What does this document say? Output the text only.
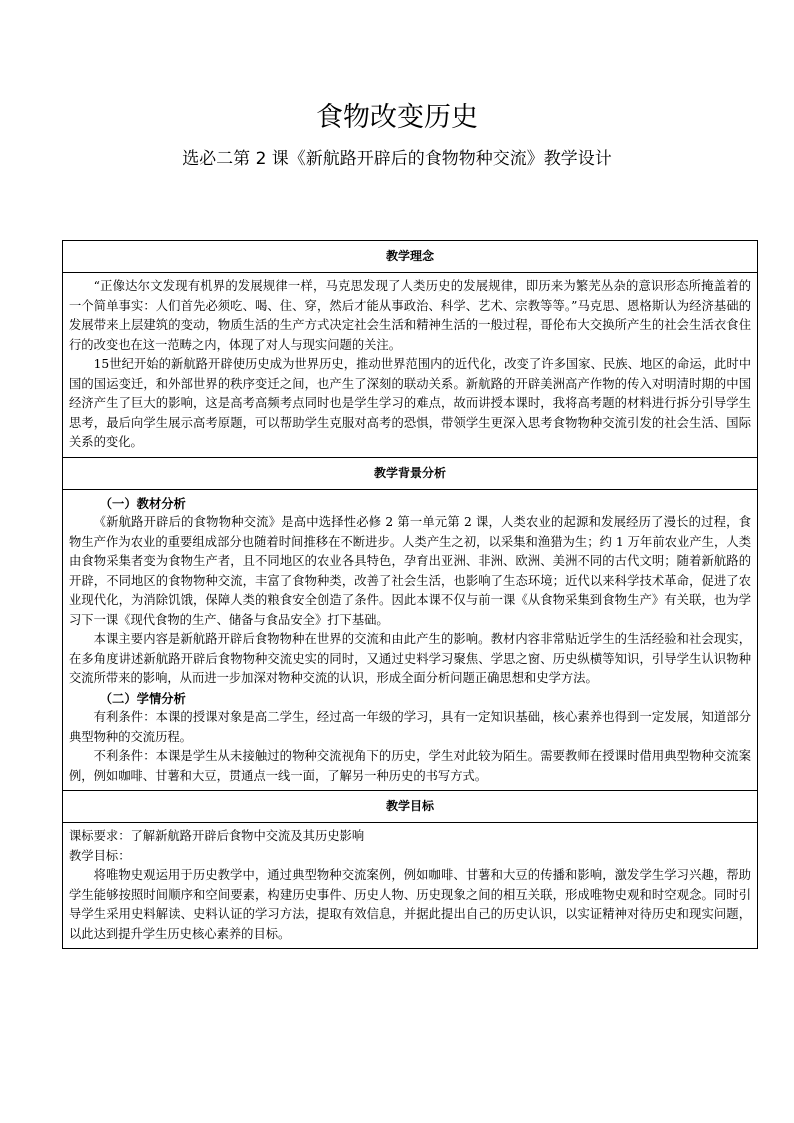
食物改变历史
选必二第 2 课《新航路开辟后的食物物种交流》教学设计
教学理念

“正像达尔文发现有机界的发展规律一样，马克思发现了人类历史的发展规律，即历来为繁芜丛杂的意识形态所掩盖着的一个简单事实：人们首先必须吃、喝、住、穿，然后才能从事政治、科学、艺术、宗教等等。”马克思、恩格斯认为经济基础的发展带来上层建筑的变动，物质生活的生产方式决定社会生活和精神生活的一般过程，哥伦布大交换所产生的社会生活衣食住行的改变也在这一范畴之内，体现了对人与现实问题的关注。

15世纪开始的新航路开辟使历史成为世界历史，推动世界范围内的近代化，改变了许多国家、民族、地区的命运，此时中国的国运变迁，和外部世界的秩序变迁之间，也产生了深刻的联动关系。新航路的开辟美洲高产作物的传入对明清时期的中国经济产生了巨大的影响，这是高考高频考点同时也是学生学习的难点，故而讲授本课时，我将高考题的材料进行拆分引导学生思考，最后向学生展示高考原题，可以帮助学生克服对高考的恐惧，带领学生更深入思考食物物种交流引发的社会生活、国际关系的变化。

教学背景分析

（一）教材分析

《新航路开辟后的食物物种交流》是高中选择性必修 2 第一单元第 2 课，人类农业的起源和发展经历了漫长的过程，食物生产作为农业的重要组成部分也随着时间推移在不断进步。人类产生之初，以采集和渔猎为生；约 1 万年前农业产生，人类由食物采集者变为食物生产者，且不同地区的农业各具特色，孕育出亚洲、非洲、欧洲、美洲不同的古代文明；随着新航路的开辟，不同地区的食物物种交流，丰富了食物种类，改善了社会生活，也影响了生态环境；近代以来科学技术革命，促进了农业现代化，为消除饥饿，保障人类的粮食安全创造了条件。因此本课不仅与前一课《从食物采集到食物生产》有关联，也为学习下一课《现代食物的生产、储备与食品安全》打下基础。

本课主要内容是新航路开辟后食物物种在世界的交流和由此产生的影响。教材内容非常贴近学生的生活经验和社会现实，在多角度讲述新航路开辟后食物物种交流史实的同时，又通过史料学习聚焦、学思之窗、历史纵横等知识，引导学生认识物种交流所带来的影响，从而进一步加深对物种交流的认识，形成全面分析问题正确思想和史学方法。

（二）学情分析

有利条件：本课的授课对象是高二学生，经过高一年级的学习，具有一定知识基础，核心素养也得到一定发展，知道部分典型物种的交流历程。

不利条件：本课是学生从未接触过的物种交流视角下的历史，学生对此较为陌生。需要教师在授课时借用典型物种交流案例，例如咖啡、甘薯和大豆，贯通点一线一面，了解另一种历史的书写方式。

教学目标

课标要求：了解新航路开辟后食物中交流及其历史影响

教学目标：

将唯物史观运用于历史教学中，通过典型物种交流案例，例如咖啡、甘薯和大豆的传播和影响，激发学生学习兴趣，帮助学生能够按照时间顺序和空间要素，构建历史事件、历史人物、历史现象之间的相互关联，形成唯物史观和时空观念。同时引导学生采用史料解读、史料认证的学习方法，提取有效信息，并据此提出自己的历史认识，以实证精神对待历史和现实问题，以此达到提升学生历史核心素养的目标。
